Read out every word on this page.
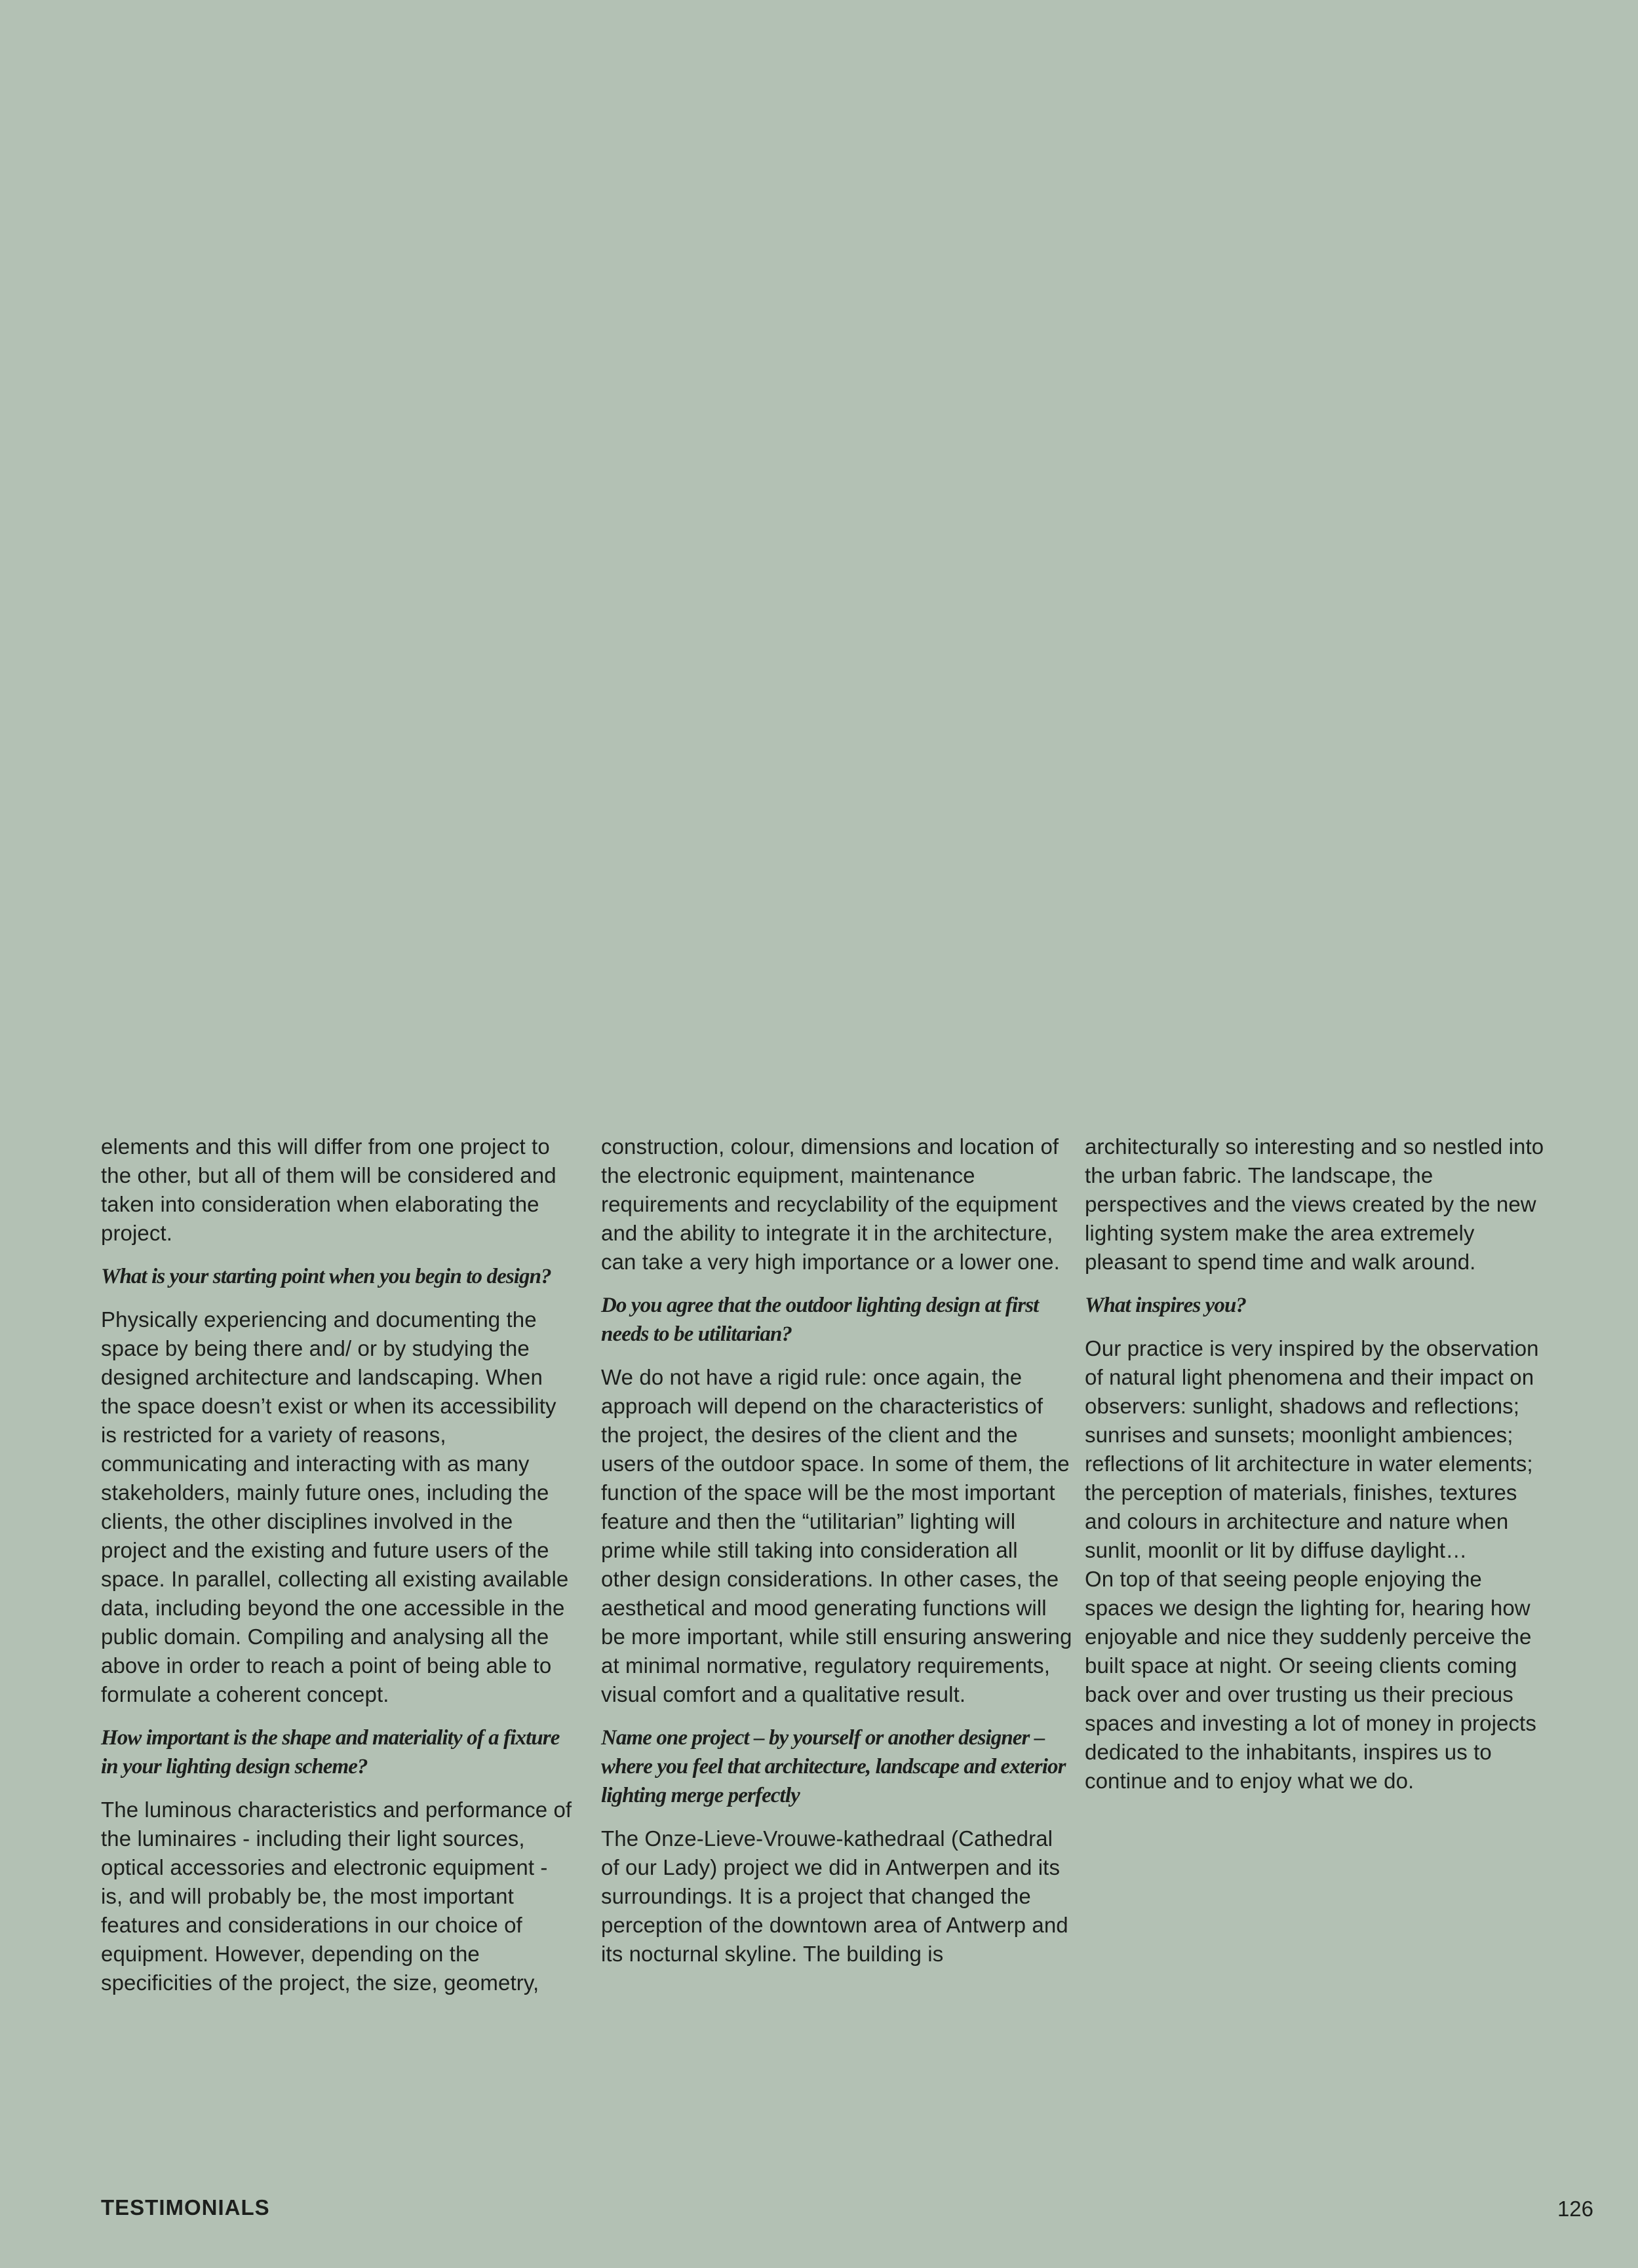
elements and this will differ from one project to the other, but all of them will be considered and taken into consideration when elaborating the project.

What is your starting point when you begin to design?

Physically experiencing and documenting the space by being there and/ or by studying the designed architecture and landscaping. When the space doesn’t exist or when its accessibility is restricted for a variety of reasons, communicating and interacting with as many stakeholders, mainly future ones, including the clients, the other disciplines involved in the project and the existing and future users of the space. In parallel, collecting all existing available data, including beyond the one accessible in the public domain. Compiling and analysing all the above in order to reach a point of being able to formulate a coherent concept.

How important is the shape and materiality of a fixture in your lighting design scheme?

The luminous characteristics and performance of the luminaires - including their light sources, optical accessories and electronic equipment - is, and will probably be, the most important features and considerations in our choice of equipment. However, depending on the specificities of the project, the size, geometry,

construction, colour, dimensions and location of the electronic equipment, maintenance requirements and recyclability of the equipment and the ability to integrate it in the architecture, can take a very high importance or a lower one.

Do you agree that the outdoor lighting design at first needs to be utilitarian?

We do not have a rigid rule: once again, the approach will depend on the characteristics of the project, the desires of the client and the users of the outdoor space. In some of them, the function of the space will be the most important feature and then the “utilitarian” lighting will prime while still taking into consideration all other design considerations. In other cases, the aesthetical and mood generating functions will be more important, while still ensuring answering at minimal normative, regulatory requirements, visual comfort and a qualitative result.

Name one project – by yourself or another designer – where you feel that architecture, landscape and exterior lighting merge perfectly

The Onze-Lieve-Vrouwe-kathedraal (Cathedral of our Lady) project we did in Antwerpen and its surroundings. It is a project that changed the perception of the downtown area of Antwerp and its nocturnal skyline. The building is

architecturally so interesting and so nestled into the urban fabric. The landscape, the perspectives and the views created by the new lighting system make the area extremely pleasant to spend time and walk around.

What inspires you?

Our practice is very inspired by the observation of natural light phenomena and their impact on observers: sunlight, shadows and reflections; sunrises and sunsets; moonlight ambiences; reflections of lit architecture in water elements; the perception of materials, finishes, textures and colours in architecture and nature when sunlit, moonlit or lit by diffuse daylight…

On top of that seeing people enjoying the spaces we design the lighting for, hearing how enjoyable and nice they suddenly perceive the built space at night. Or seeing clients coming back over and over trusting us their precious spaces and investing a lot of money in projects dedicated to the inhabitants, inspires us to continue and to enjoy what we do.

TESTIMONIALS	126
